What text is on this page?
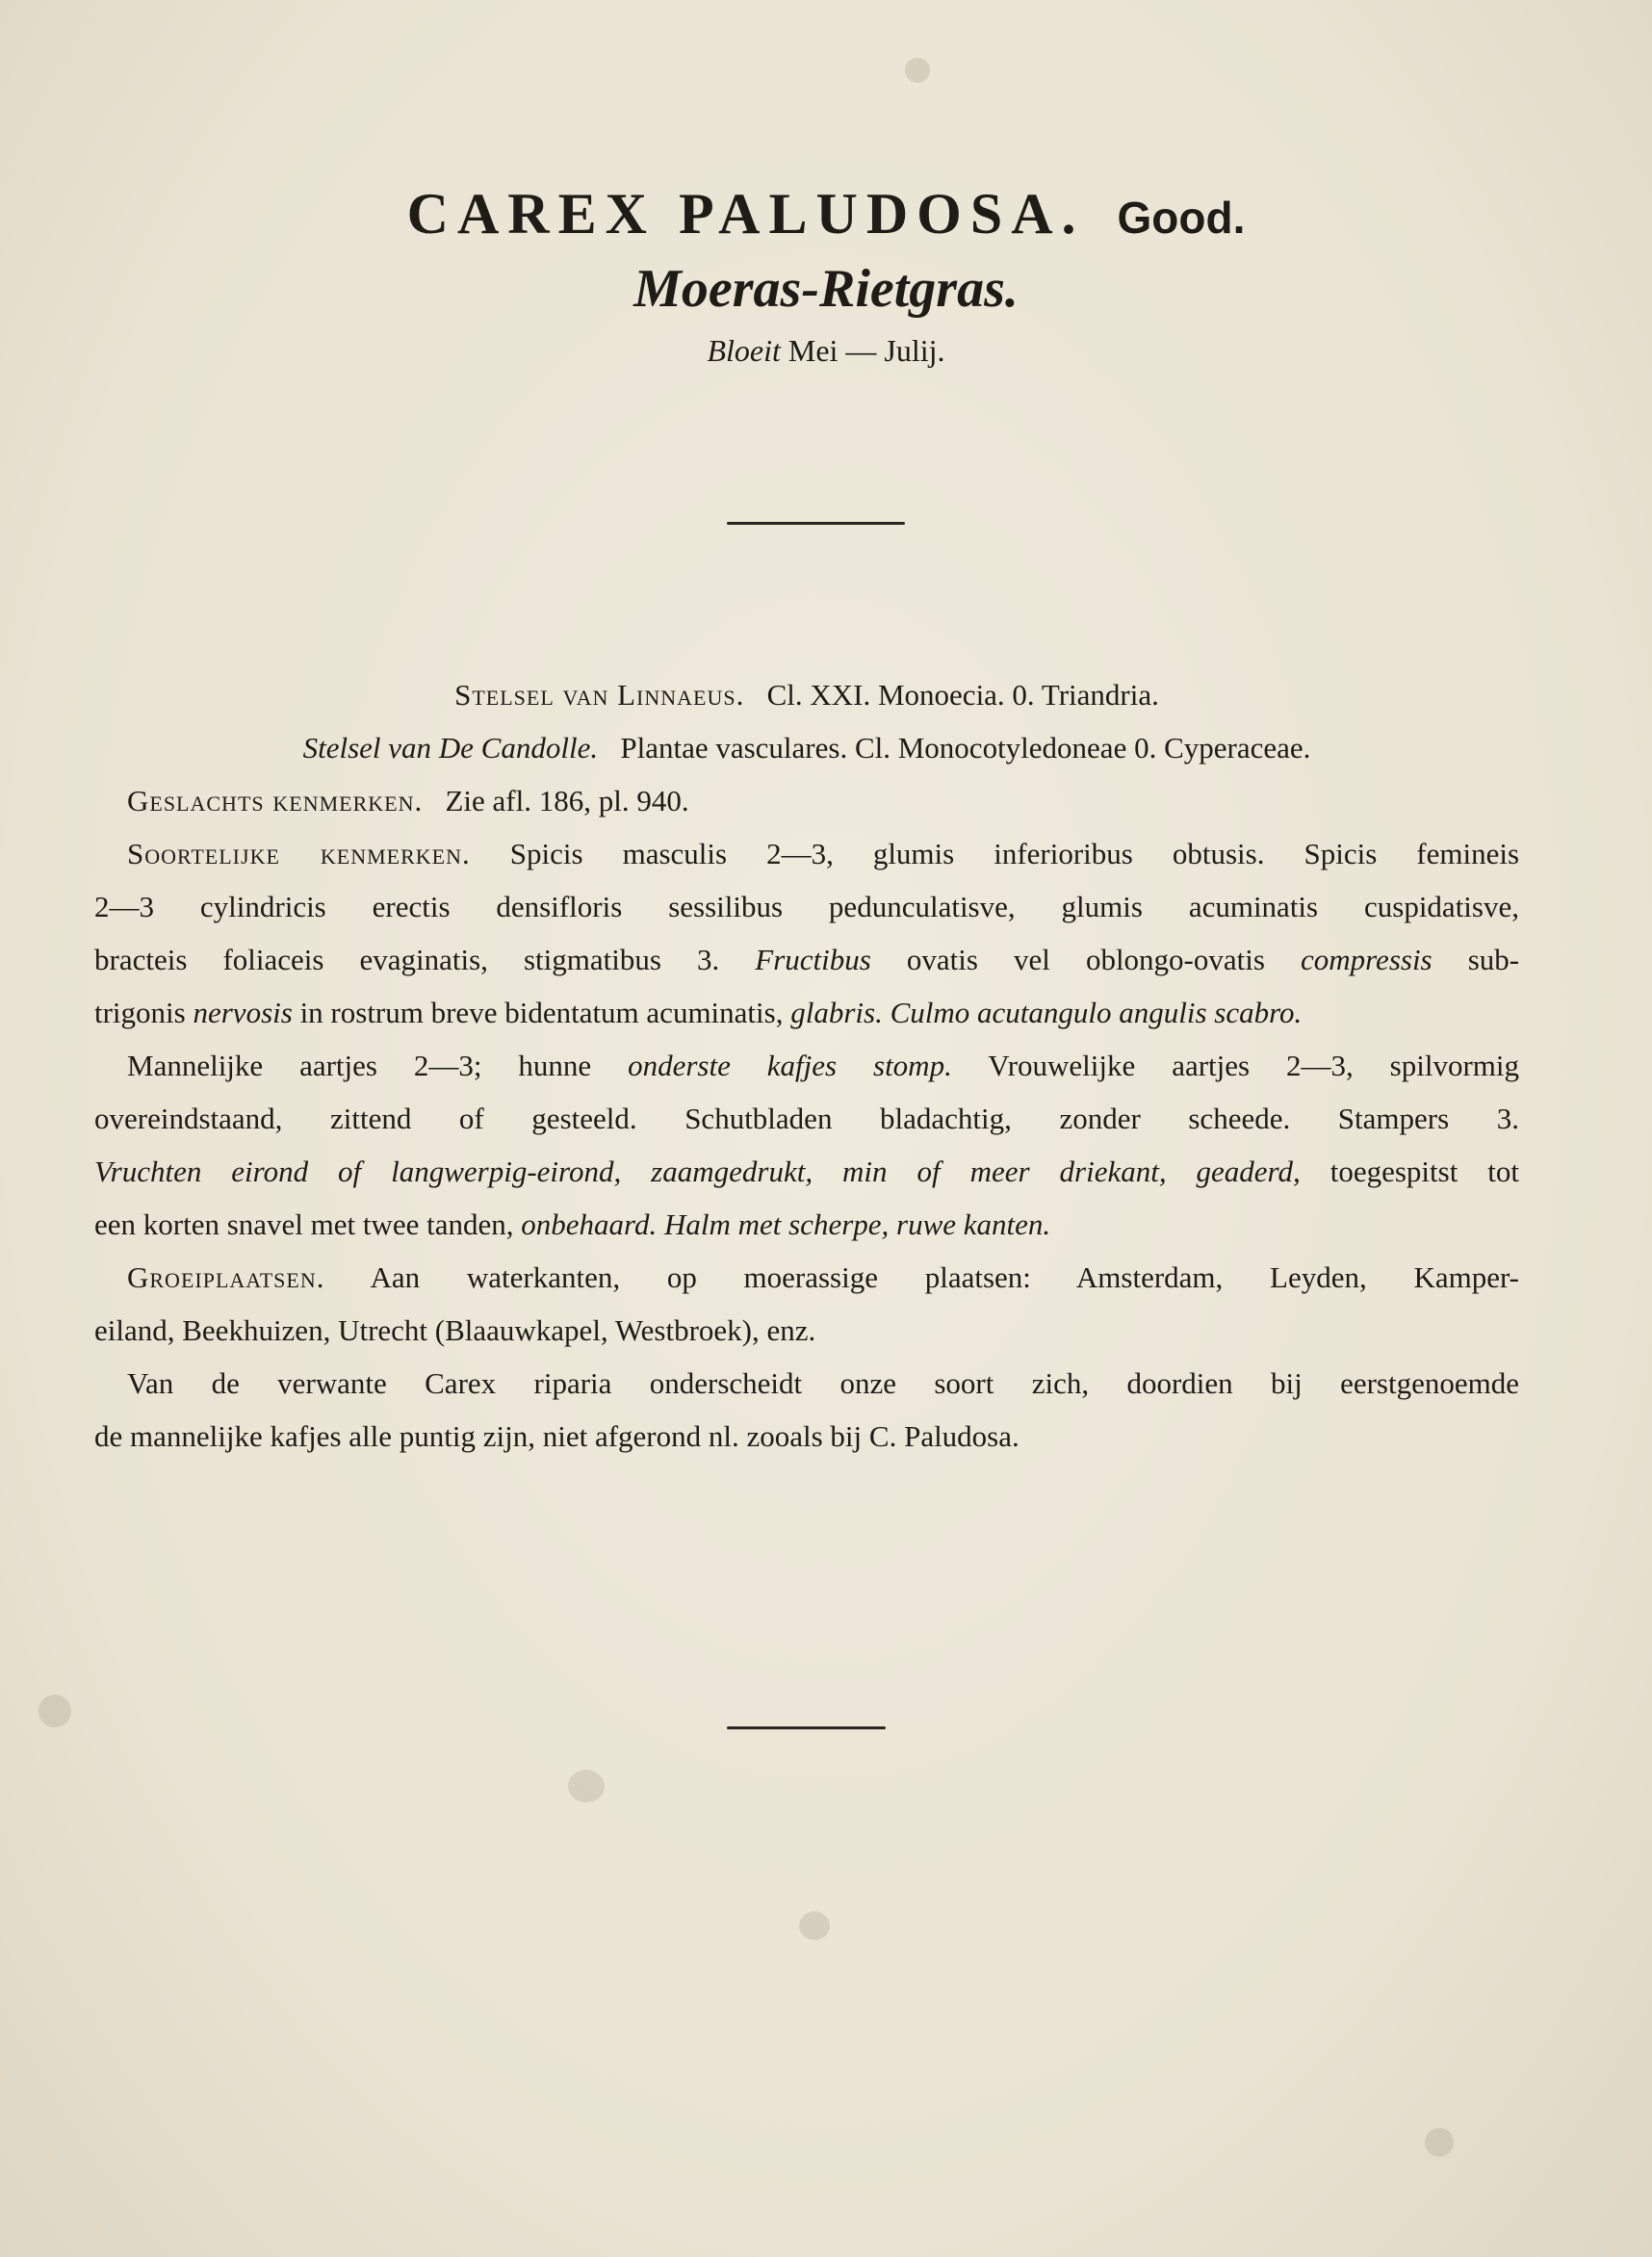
CAREX PALUDOSA. Good.
Moeras-Rietgras.
Bloeit Mei — Julij.
Stelsel van Linnaeus. Cl. XXI. Monoecia. 0. Triandria.
Stelsel van De Candolle. Plantae vasculares. Cl. Monocotyledoneae 0. Cyperaceae.
Geslachts kenmerken. Zie afl. 186, pl. 940.
Soortelijke kenmerken. Spicis masculis 2—3, glumis inferioribus obtusis. Spicis femineis
2—3 cylindricis erectis densifloris sessilibus pedunculatisve, glumis acuminatis cuspidatisve,
bracteis foliaceis evaginatis, stigmatibus 3. Fructibus ovatis vel oblongo-ovatis compressis sub-
trigonis nervosis in rostrum breve bidentatum acuminatis, glabris. Culmo acutangulo angulis scabro.
Mannelijke aartjes 2—3; hunne onderste kafjes stomp. Vrouwelijke aartjes 2—3, spilvormig
overeindstaand, zittend of gesteeld. Schutbladen bladachtig, zonder scheede. Stampers 3.
Vruchten eirond of langwerpig-eirond, zaamgedrukt, min of meer driekant, geaderd, toegespitst tot
een korten snavel met twee tanden, onbehaard. Halm met scherpe, ruwe kanten.
Groeiplaatsen. Aan waterkanten, op moerassige plaatsen: Amsterdam, Leyden, Kamper-
eiland, Beekhuizen, Utrecht (Blaauwkapel, Westbroek), enz.
Van de verwante Carex riparia onderscheidt onze soort zich, doordien bij eerstgenoemde
de mannelijke kafjes alle puntig zijn, niet afgerond nl. zooals bij C. Paludosa.
